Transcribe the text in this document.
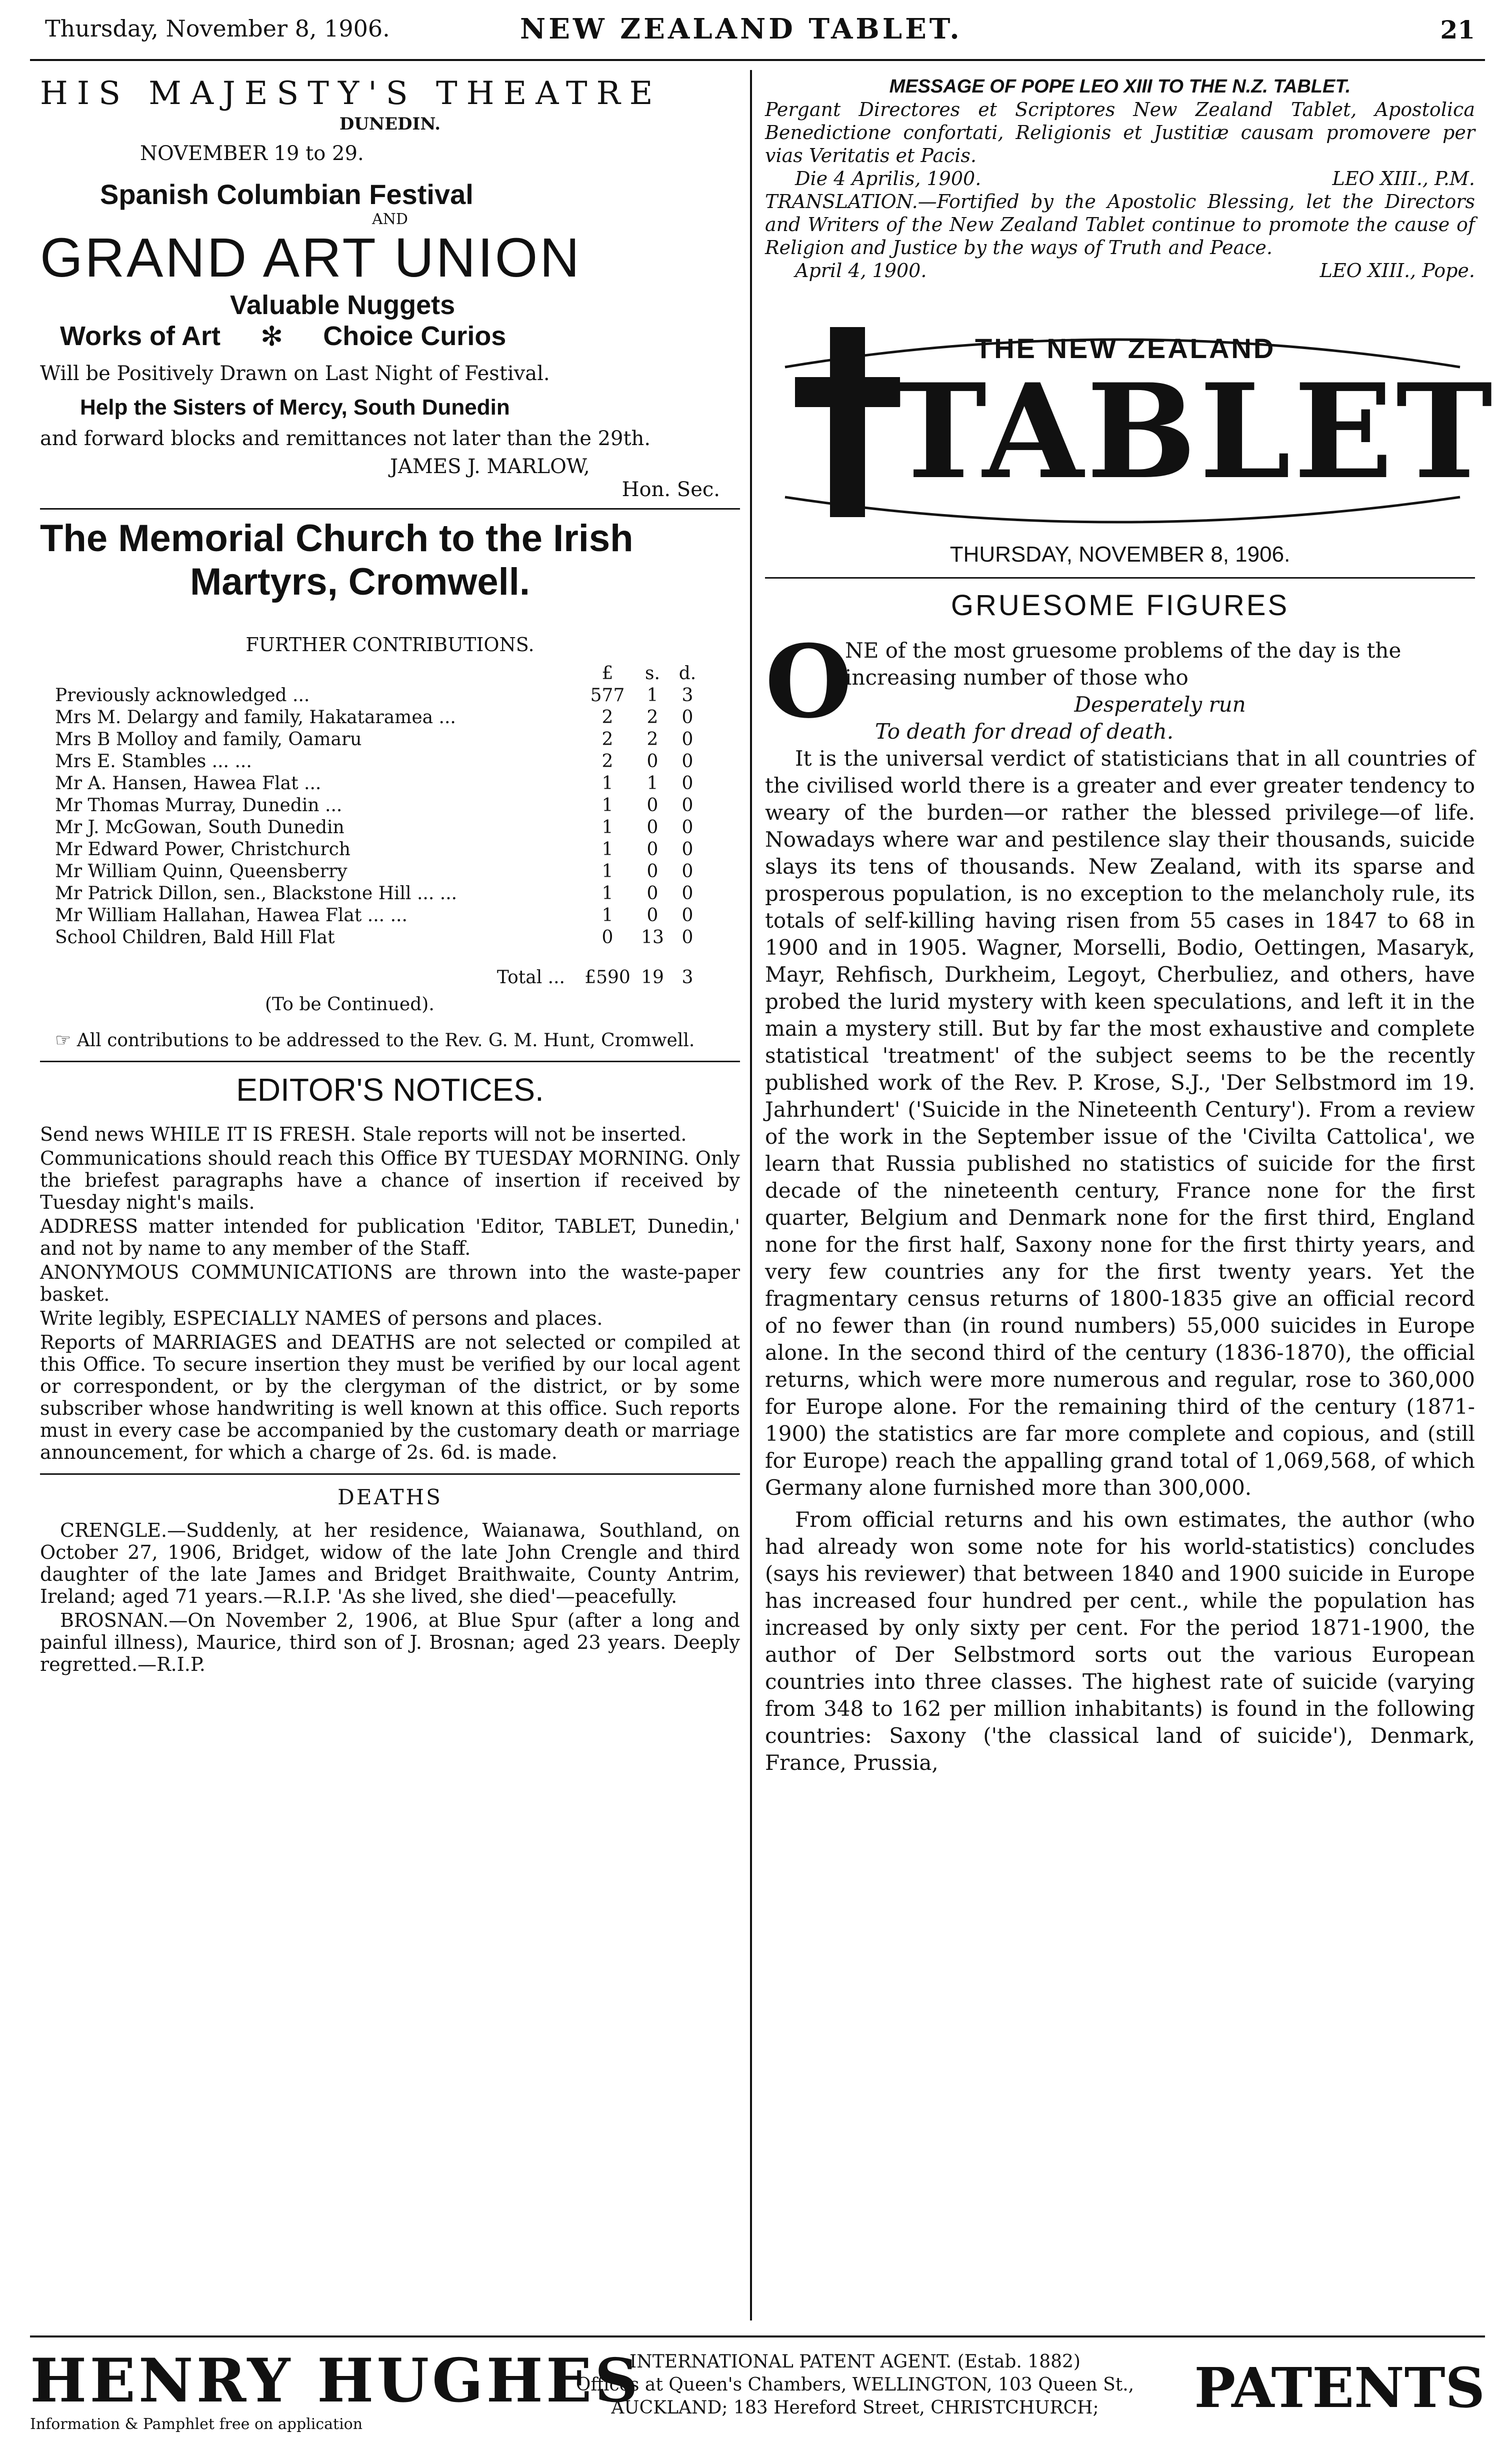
Thursday, November 8, 1906.	NEW ZEALAND TABLET.	21
HIS MAJESTY'S THEATRE
DUNEDIN.
NOVEMBER 19 to 29.
Spanish Columbian Festival
AND
GRAND ART UNION
Valuable Nuggets
Works of Art ✻ Choice Curios
Will be Positively Drawn on Last Night of Festival.
Help the Sisters of Mercy, South Dunedin
and forward blocks and remittances not later than the 29th.
JAMES J. MARLOW,
Hon. Sec.
The Memorial Church to the Irish
Martyrs, Cromwell.
FURTHER CONTRIBUTIONS.
£	s.	d.
Previously acknowledged ...	577	1	3
Mrs M. Delargy and family, Hakataramea ...	2	2	0
Mrs B Molloy and family, Oamaru	2	2	0
Mrs E. Stambles ... ...	2	0	0
Mr A. Hansen, Hawea Flat ...	1	1	0
Mr Thomas Murray, Dunedin ...	1	0	0
Mr J. McGowan, South Dunedin	1	0	0
Mr Edward Power, Christchurch	1	0	0
Mr William Quinn, Queensberry	1	0	0
Mr Patrick Dillon, sen., Blackstone Hill ... ...	1	0	0
Mr William Hallahan, Hawea Flat ... ...	1	0	0
School Children, Bald Hill Flat	0	13 0
Total ...	£590 19 3
(To be Continued).
☞ All contributions to be addressed to the Rev. G. M. Hunt, Cromwell.
EDITOR'S NOTICES.

Send news WHILE IT IS FRESH. Stale reports will not be inserted.

Communications should reach this Office BY TUESDAY MORNING. Only the briefest paragraphs have a chance of insertion if received by Tuesday night's mails.

ADDRESS matter intended for publication 'Editor, TABLET, Dunedin,' and not by name to any member of the Staff.

ANONYMOUS COMMUNICATIONS are thrown into the waste-paper basket.

Write legibly, ESPECIALLY NAMES of persons and places.

Reports of MARRIAGES and DEATHS are not selected or compiled at this Office. To secure insertion they must be verified by our local agent or correspondent, or by the clergyman of the district, or by some subscriber whose handwriting is well known at this office. Such reports must in every case be accompanied by the customary death or marriage announcement, for which a charge of 2s. 6d. is made.

DEATHS

CRENGLE.—Suddenly, at her residence, Waianawa, Southland, on October 27, 1906, Bridget, widow of the late John Crengle and third daughter of the late James and Bridget Braithwaite, County Antrim, Ireland; aged 71 years.—R.I.P. 'As she lived, she died'—peacefully.

BROSNAN.—On November 2, 1906, at Blue Spur (after a long and painful illness), Maurice, third son of J. Brosnan; aged 23 years. Deeply regretted.—R.I.P.

MESSAGE OF POPE LEO XIII TO THE N.Z. TABLET.
Pergant Directores et Scriptores New Zealand Tablet, Apostolica Benedictione confortati, Religionis et Justitiæ causam promovere per vias Veritatis et Pacis.
Die 4 Aprilis, 1900.	LEO XIII., P.M.
TRANSLATION.—Fortified by the Apostolic Blessing, let the Directors and Writers of the New Zealand Tablet continue to promote the cause of Religion and Justice by the ways of Truth and Peace.
April 4, 1900.	LEO XIII., Pope.
THE NEW ZEALAND
TABLET
THURSDAY, NOVEMBER 8, 1906.
GRUESOME FIGURES
O
NE of the most gruesome problems of the day is the increasing number of those who
Desperately run
To death for dread of death.

It is the universal verdict of statisticians that in all countries of the civilised world there is a greater and ever greater tendency to weary of the burden—or rather the blessed privilege—of life. Nowadays where war and pestilence slay their thousands, suicide slays its tens of thousands. New Zealand, with its sparse and prosperous population, is no exception to the melancholy rule, its totals of self-killing having risen from 55 cases in 1847 to 68 in 1900 and in 1905. Wagner, Morselli, Bodio, Oettingen, Masaryk, Mayr, Rehfisch, Durkheim, Legoyt, Cherbuliez, and others, have probed the lurid mystery with keen speculations, and left it in the main a mystery still. But by far the most exhaustive and complete statistical 'treatment' of the subject seems to be the recently published work of the Rev. P. Krose, S.J., 'Der Selbstmord im 19. Jahrhundert' ('Suicide in the Nineteenth Century'). From a review of the work in the September issue of the 'Civilta Cattolica', we learn that Russia published no statistics of suicide for the first decade of the nineteenth century, France none for the first quarter, Belgium and Denmark none for the first third, England none for the first half, Saxony none for the first thirty years, and very few countries any for the first twenty years. Yet the fragmentary census returns of 1800-1835 give an official record of no fewer than (in round numbers) 55,000 suicides in Europe alone. In the second third of the century (1836-1870), the official returns, which were more numerous and regular, rose to 360,000 for Europe alone. For the remaining third of the century (1871-1900) the statistics are far more complete and copious, and (still for Europe) reach the appalling grand total of 1,069,568, of which Germany alone furnished more than 300,000.

From official returns and his own estimates, the author (who had already won some note for his world-statistics) concludes (says his reviewer) that between 1840 and 1900 suicide in Europe has increased four hundred per cent., while the population has increased by only sixty per cent. For the period 1871-1900, the author of Der Selbstmord sorts out the various European countries into three classes. The highest rate of suicide (varying from 348 to 162 per million inhabitants) is found in the following countries: Saxony ('the classical land of suicide'), Denmark, France, Prussia,

HENRY HUGHES
Information & Pamphlet free on application
INTERNATIONAL PATENT AGENT. (Estab. 1882)
Offices at Queen's Chambers, WELLINGTON, 103 Queen St.,
AUCKLAND; 183 Hereford Street, CHRISTCHURCH;	PATENTS
